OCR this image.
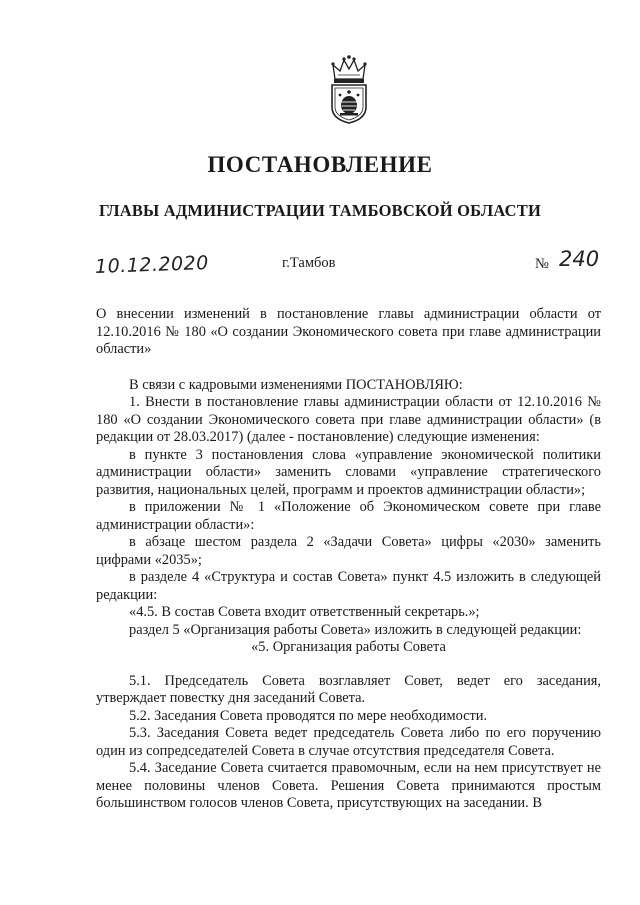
ПОСТАНОВЛЕНИЕ
ГЛАВЫ АДМИНИСТРАЦИИ ТАМБОВСКОЙ ОБЛАСТИ
10.12.2020	г.Тамбов	№ 240

О внесении изменений в постановление главы администрации области от 12.10.2016 № 180 «О создании Экономического совета при главе администрации области»

В связи с кадровыми изменениями ПОСТАНОВЛЯЮ:

1. Внести в постановление главы администрации области от 12.10.2016 № 180 «О создании Экономического совета при главе администрации области» (в редакции от 28.03.2017) (далее - постановление) следующие изменения:

в пункте 3 постановления слова «управление экономической политики администрации области» заменить словами «управление стратегического развития, национальных целей, программ и проектов администрации области»;

в приложении № 1 «Положение об Экономическом совете при главе администрации области»:

в абзаце шестом раздела 2 «Задачи Совета» цифры «2030» заменить цифрами «2035»;

в разделе 4 «Структура и состав Совета» пункт 4.5 изложить в следующей редакции:

«4.5. В состав Совета входит ответственный секретарь.»;

раздел 5 «Организация работы Совета» изложить в следующей редакции:

«5. Организация работы Совета

5.1. Председатель Совета возглавляет Совет, ведет его заседания, утверждает повестку дня заседаний Совета.

5.2. Заседания Совета проводятся по мере необходимости.

5.3. Заседания Совета ведет председатель Совета либо по его поручению один из сопредседателей Совета в случае отсутствия председателя Совета.

5.4. Заседание Совета считается правомочным, если на нем присутствует не менее половины членов Совета. Решения Совета принимаются простым большинством голосов членов Совета, присутствующих на заседании. В
